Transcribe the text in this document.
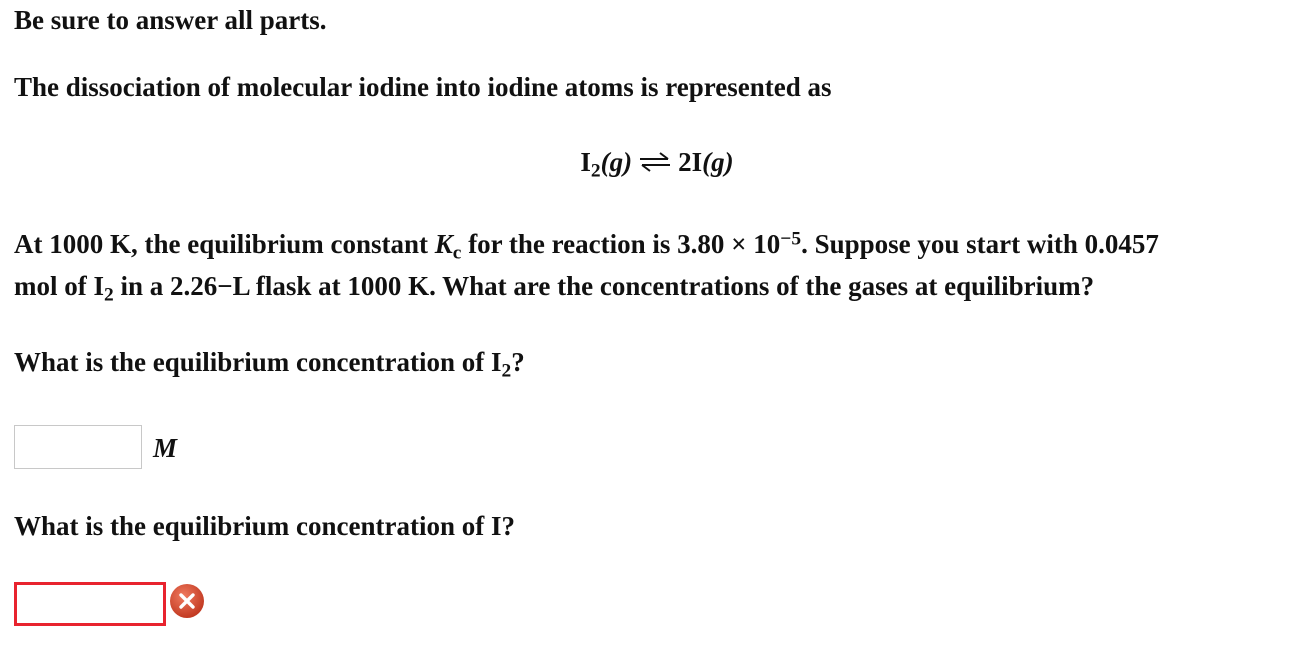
Be sure to answer all parts.
The dissociation of molecular iodine into iodine atoms is represented as
$I_2(g)$ ⇌ 2I(g)
At 1000 K, the equilibrium constant $K_c$ for the reaction is $3.80 \times 10^{-5}$. Suppose you start with 0.0457
mol of $I_2$ in a 2.26−L flask at 1000 K. What are the concentrations of the gases at equilibrium?
What is the equilibrium concentration of $I_2$?
M
What is the equilibrium concentration of I?
